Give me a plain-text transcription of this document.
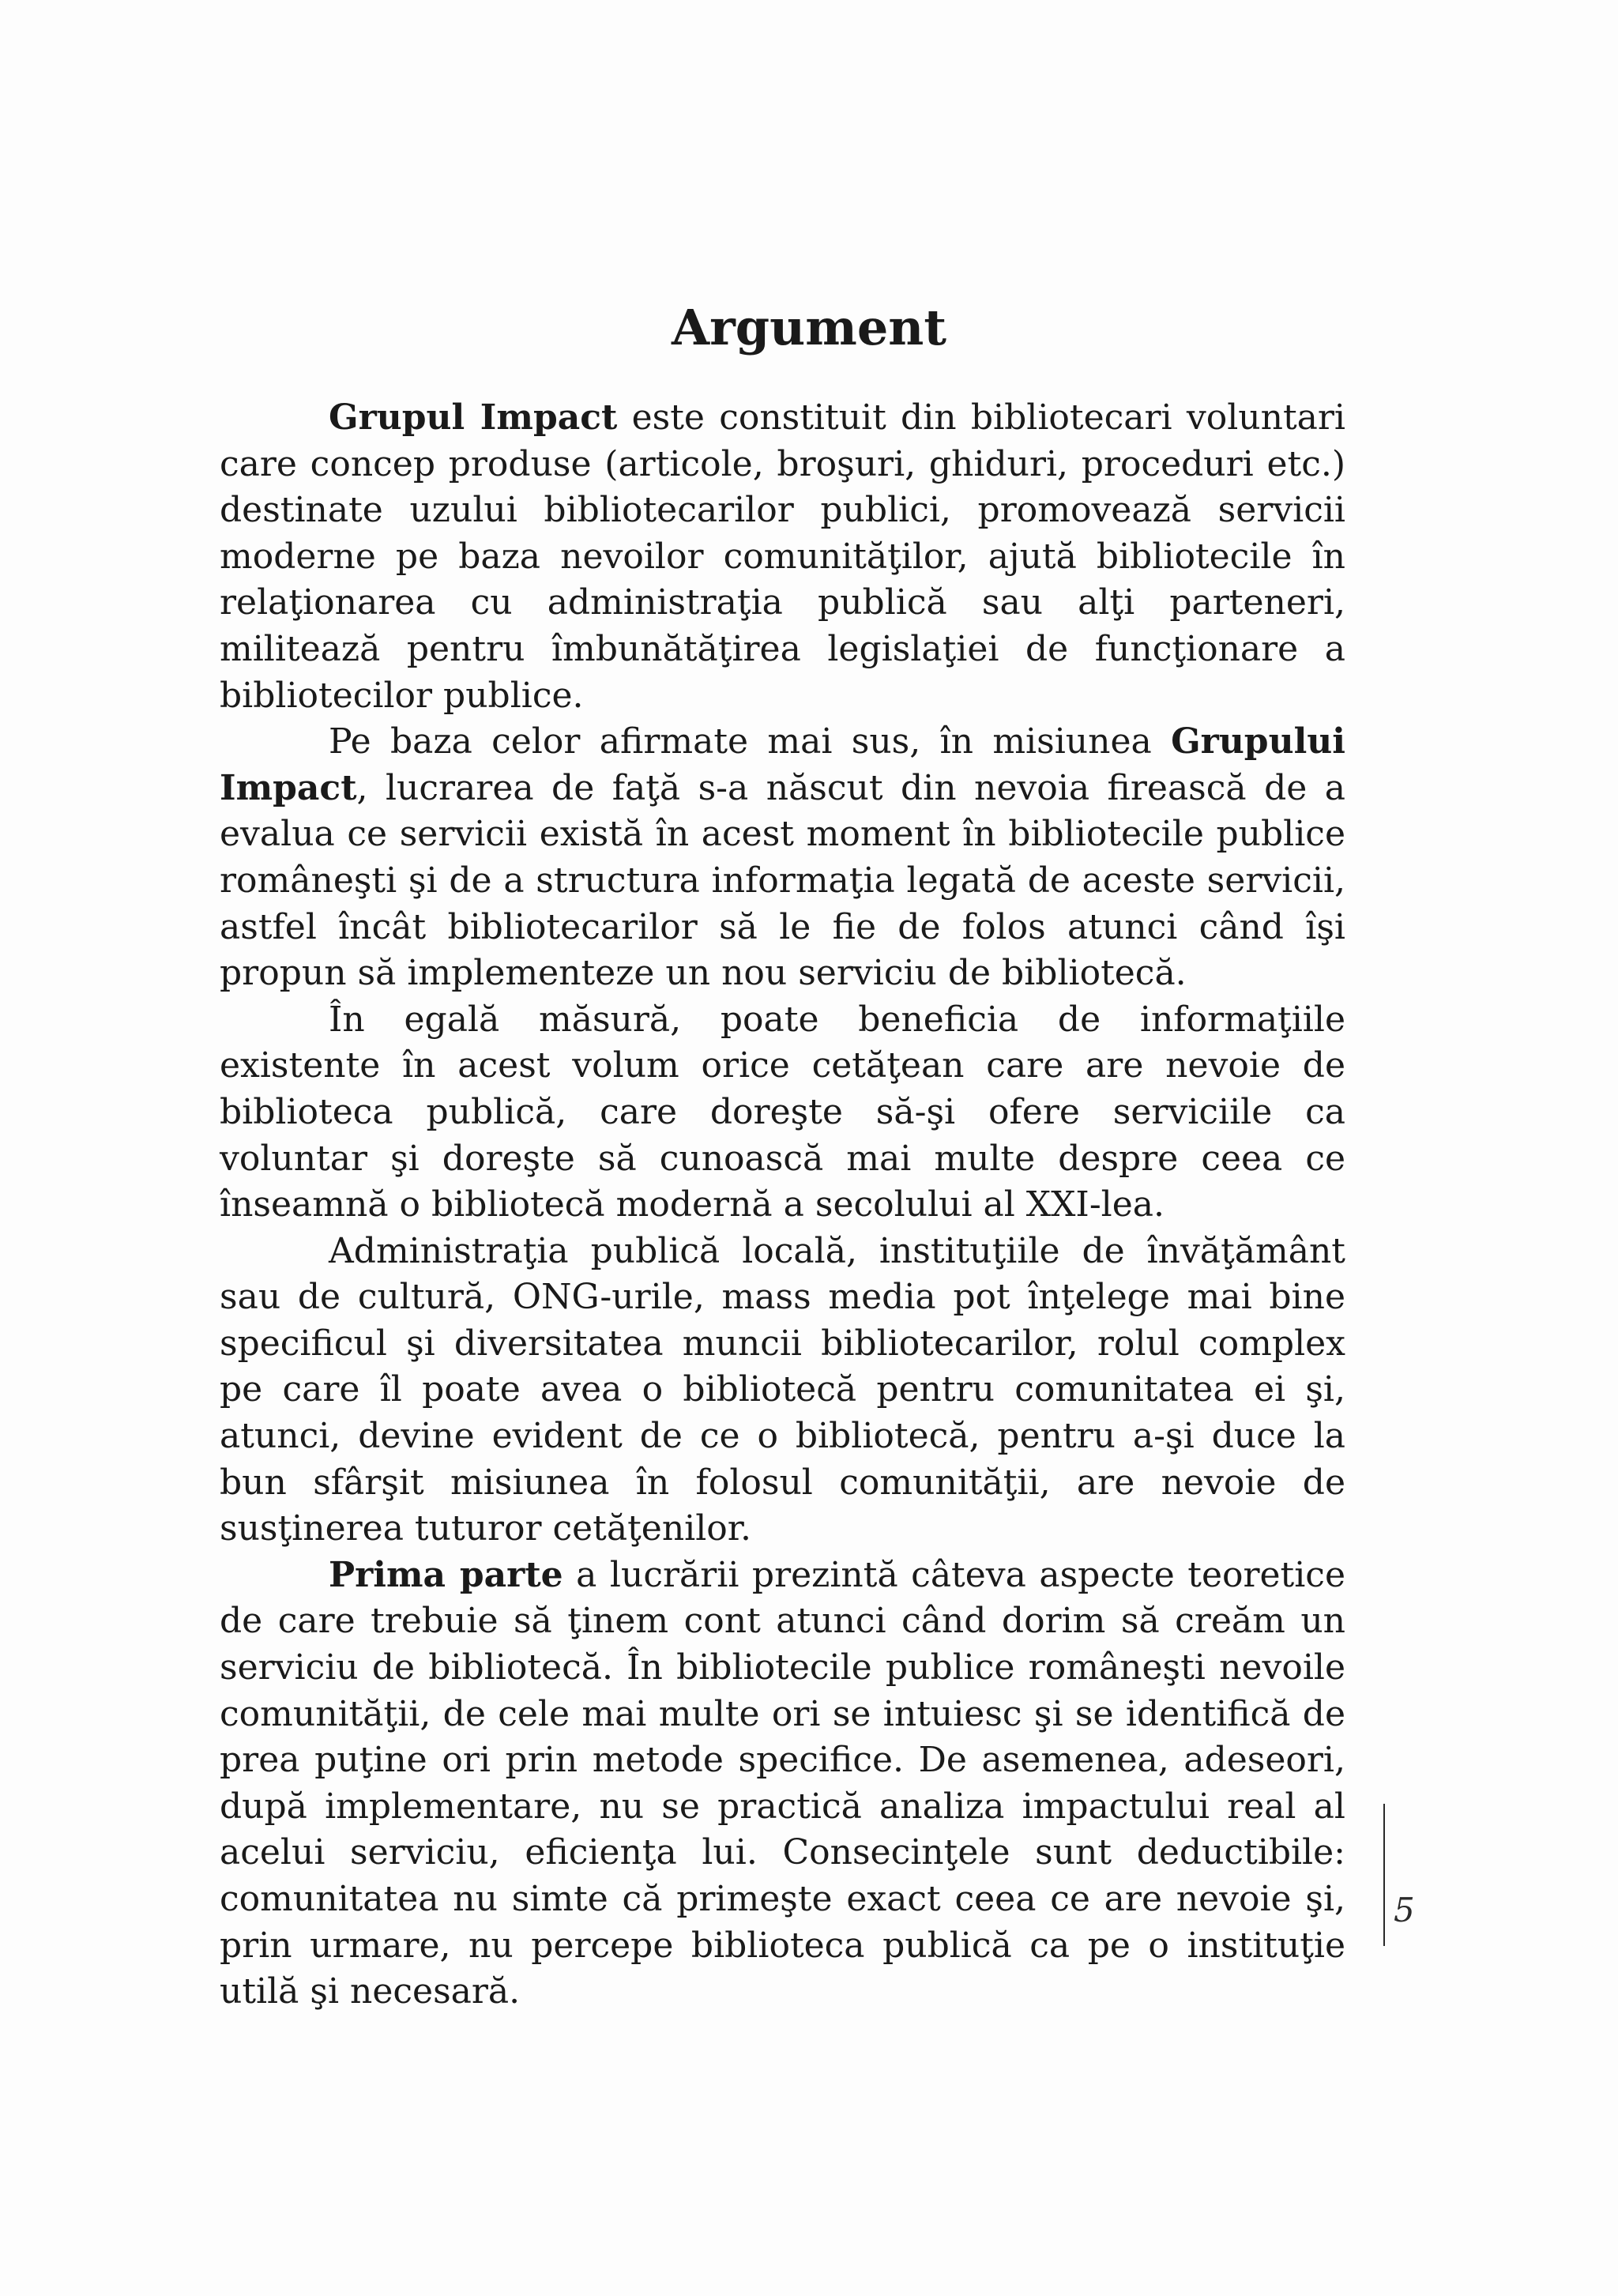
Argument

Grupul Impact este constituit din bibliotecari voluntari care concep produse (articole, broşuri, ghiduri, proceduri etc.) destinate uzului bibliotecarilor publici, promovează servicii moderne pe baza nevoilor comunităţilor, ajută bibliotecile în relaţionarea cu administraţia publică sau alţi parteneri, militează pentru îmbunătăţirea legislaţiei de funcţionare a bibliotecilor publice.

Pe baza celor afirmate mai sus, în misiunea Grupului Impact, lucrarea de faţă s-a născut din nevoia firească de a evalua ce servicii există în acest moment în bibliotecile publice româneşti şi de a structura informaţia legată de aceste servicii, astfel încât bibliotecarilor să le fie de folos atunci când îşi propun să implementeze un nou serviciu de bibliotecă.

În egală măsură, poate beneficia de informaţiile existente în acest volum orice cetăţean care are nevoie de biblioteca publică, care doreşte să-şi ofere serviciile ca voluntar şi doreşte să cunoască mai multe despre ceea ce înseamnă o bibliotecă modernă a secolului al XXI-lea.

Administraţia publică locală, instituţiile de învăţământ sau de cultură, ONG-urile, mass media pot înţelege mai bine specificul şi diversitatea muncii bibliotecarilor, rolul complex pe care îl poate avea o bibliotecă pentru comunitatea ei şi, atunci, devine evident de ce o bibliotecă, pentru a-şi duce la bun sfârşit misiunea în folosul comunităţii, are nevoie de susţinerea tuturor cetăţenilor.

Prima parte a lucrării prezintă câteva aspecte teoretice de care trebuie să ţinem cont atunci când dorim să creăm un serviciu de bibliotecă. În bibliotecile publice româneşti nevoile comunităţii, de cele mai multe ori se intuiesc şi se identifică de prea puţine ori prin metode specifice. De asemenea, adeseori, după implementare, nu se practică analiza impactului real al acelui serviciu, eficienţa lui. Consecinţele sunt deductibile: comunitatea nu simte că primeşte exact ceea ce are nevoie şi, prin urmare, nu percepe biblioteca publică ca pe o instituţie utilă şi necesară.

5
